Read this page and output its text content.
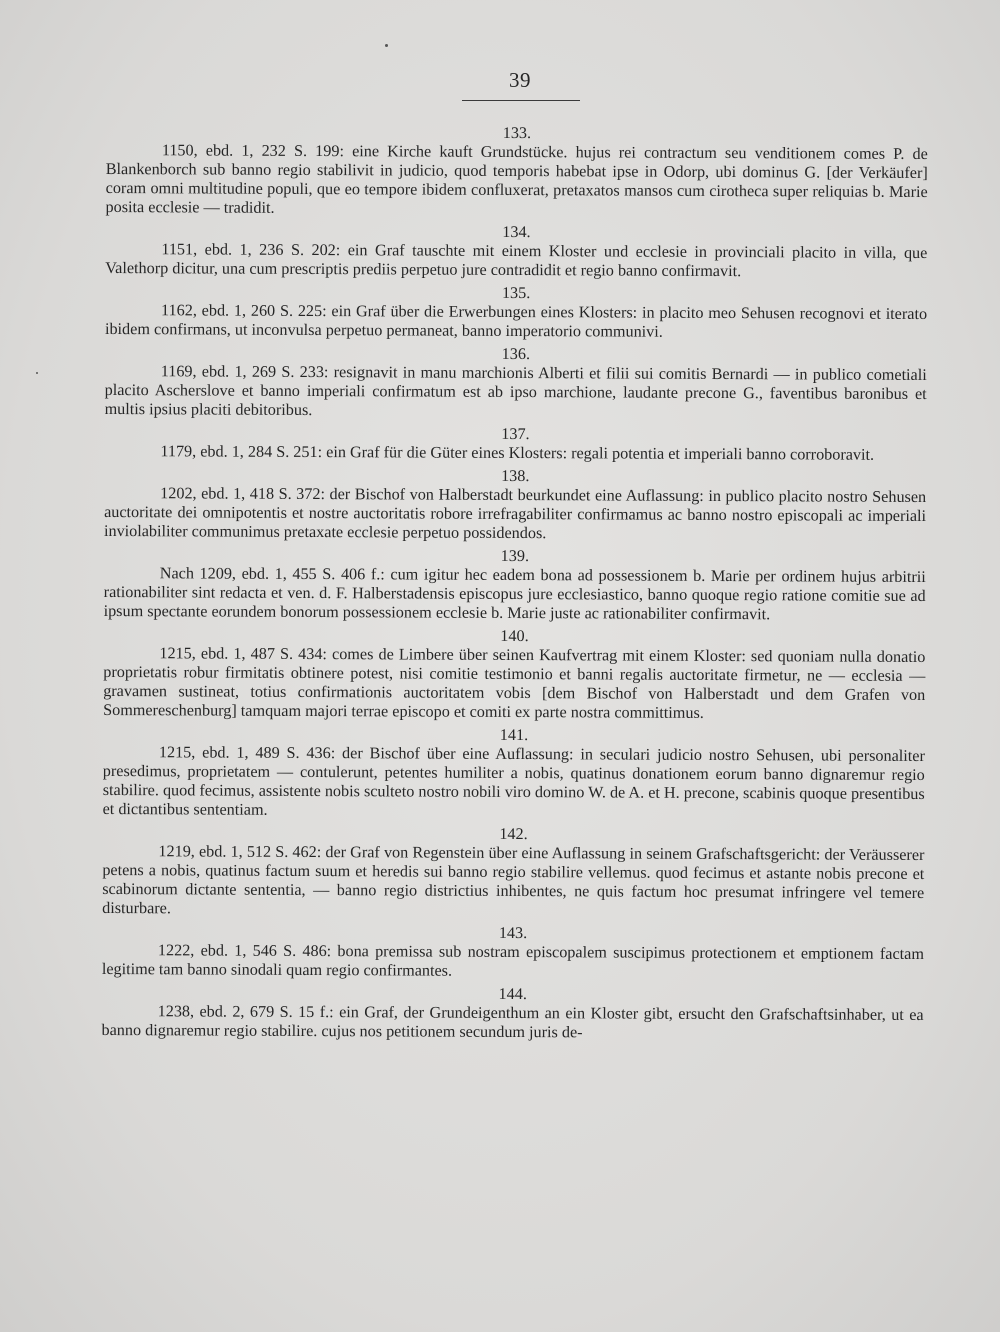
39

133.

1150, ebd. 1, 232 S. 199: eine Kirche kauft Grundstücke. hujus rei contractum seu venditionem comes P. de Blankenborch sub banno regio stabilivit in judicio, quod temporis habebat ipse in Odorp, ubi dominus G. [der Verkäufer] coram omni multitudine populi, que eo tempore ibidem confluxerat, pretaxatos mansos cum cirotheca super reliquias b. Marie posita ecclesie — tradidit.

134.

1151, ebd. 1, 236 S. 202: ein Graf tauschte mit einem Kloster und ecclesie in provinciali placito in villa, que Valethorp dicitur, una cum prescriptis prediis perpetuo jure contradidit et regio banno confirmavit.

135.

1162, ebd. 1, 260 S. 225: ein Graf über die Erwerbungen eines Klosters: in placito meo Sehusen recognovi et iterato ibidem confirmans, ut inconvulsa perpetuo permaneat, banno imperatorio communivi.

136.

1169, ebd. 1, 269 S. 233: resignavit in manu marchionis Alberti et filii sui comitis Bernardi — in publico cometiali placito Ascherslove et banno imperiali confirmatum est ab ipso marchione, laudante precone G., faventibus baronibus et multis ipsius placiti debitoribus.

137.

1179, ebd. 1, 284 S. 251: ein Graf für die Güter eines Klosters: regali potentia et imperiali banno corroboravit.

138.

1202, ebd. 1, 418 S. 372: der Bischof von Halberstadt beurkundet eine Auflassung: in publico placito nostro Sehusen auctoritate dei omnipotentis et nostre auctoritatis robore irrefragabiliter confirmamus ac banno nostro episcopali ac imperiali inviolabiliter communimus pretaxate ecclesie perpetuo possidendos.

139.

Nach 1209, ebd. 1, 455 S. 406 f.: cum igitur hec eadem bona ad possessionem b. Marie per ordinem hujus arbitrii rationabiliter sint redacta et ven. d. F. Halberstadensis episcopus jure ecclesiastico, banno quoque regio ratione comitie sue ad ipsum spectante eorundem bonorum possessionem ecclesie b. Marie juste ac rationabiliter confirmavit.

140.

1215, ebd. 1, 487 S. 434: comes de Limbere über seinen Kaufvertrag mit einem Kloster: sed quoniam nulla donatio proprietatis robur firmitatis obtinere potest, nisi comitie testimonio et banni regalis auctoritate firmetur, ne — ecclesia — gravamen sustineat, totius confirmationis auctoritatem vobis [dem Bischof von Halberstadt und dem Grafen von Sommereschenburg] tamquam majori terrae episcopo et comiti ex parte nostra committimus.

141.

1215, ebd. 1, 489 S. 436: der Bischof über eine Auflassung: in seculari judicio nostro Sehusen, ubi personaliter presedimus, proprietatem — contulerunt, petentes humiliter a nobis, quatinus donationem eorum banno dignaremur regio stabilire. quod fecimus, assistente nobis sculteto nostro nobili viro domino W. de A. et H. precone, scabinis quoque presentibus et dictantibus sententiam.

142.

1219, ebd. 1, 512 S. 462: der Graf von Regenstein über eine Auflassung in seinem Grafschaftsgericht: der Veräusserer petens a nobis, quatinus factum suum et heredis sui banno regio stabilire vellemus. quod fecimus et astante nobis precone et scabinorum dictante sententia, — banno regio districtius inhibentes, ne quis factum hoc presumat infringere vel temere disturbare.

143.

1222, ebd. 1, 546 S. 486: bona premissa sub nostram episcopalem suscipimus protectionem et emptionem factam legitime tam banno sinodali quam regio confirmantes.

144.

1238, ebd. 2, 679 S. 15 f.: ein Graf, der Grundeigenthum an ein Kloster gibt, ersucht den Grafschaftsinhaber, ut ea banno dignaremur regio stabilire. cujus nos petitionem secundum juris de-
